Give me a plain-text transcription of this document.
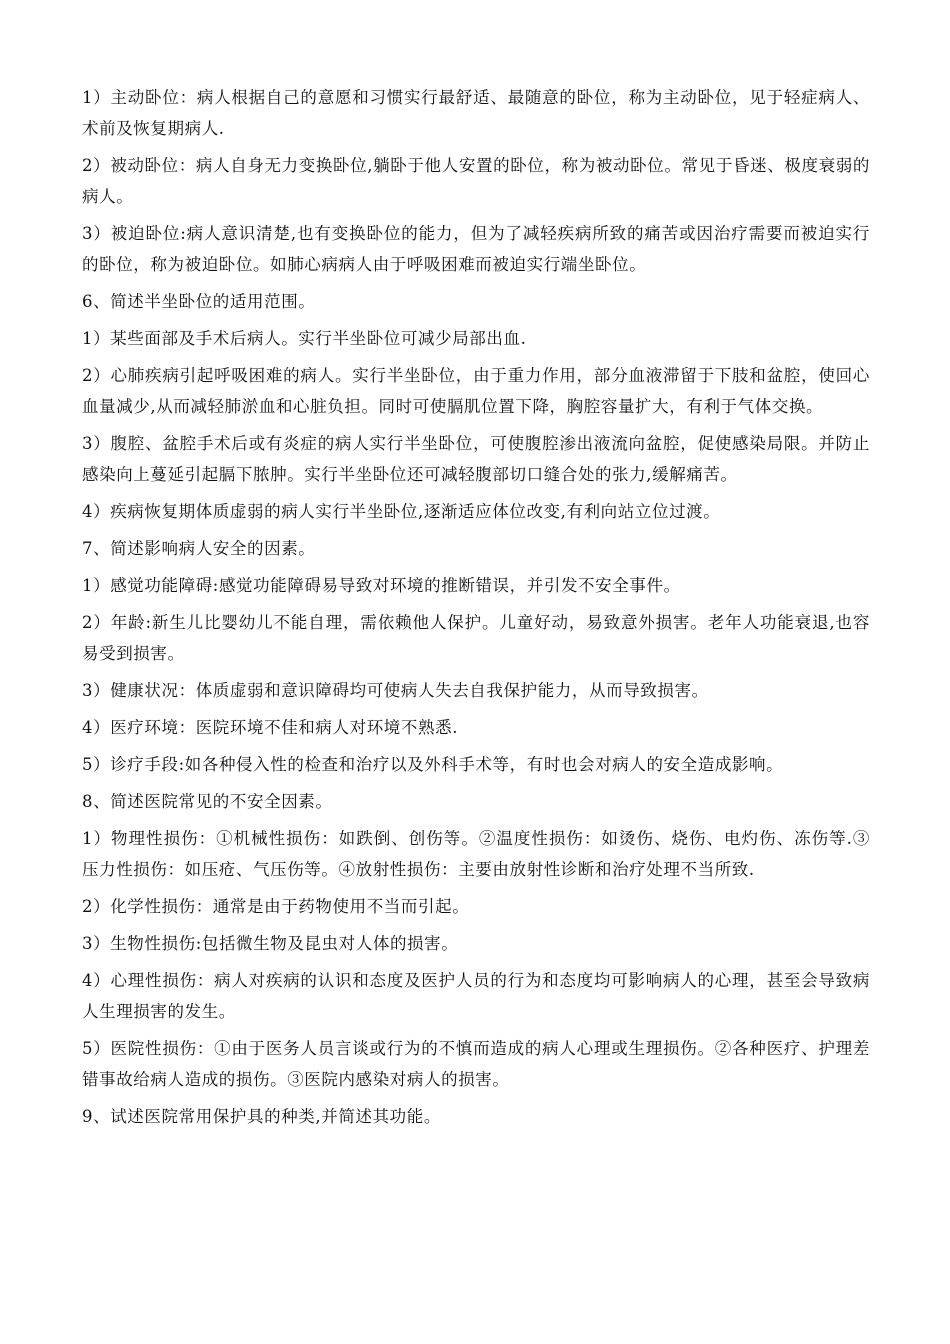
1）主动卧位：病人根据自己的意愿和习惯实行最舒适、最随意的卧位，称为主动卧位，见于轻症病人、术前及恢复期病人.

2）被动卧位：病人自身无力变换卧位,躺卧于他人安置的卧位，称为被动卧位。常见于昏迷、极度衰弱的病人。

3）被迫卧位:病人意识清楚,也有变换卧位的能力，但为了减轻疾病所致的痛苦或因治疗需要而被迫实行的卧位，称为被迫卧位。如肺心病病人由于呼吸困难而被迫实行端坐卧位。

6、简述半坐卧位的适用范围。

1）某些面部及手术后病人。实行半坐卧位可减少局部出血.

2）心肺疾病引起呼吸困难的病人。实行半坐卧位，由于重力作用，部分血液滞留于下肢和盆腔，使回心血量减少,从而减轻肺淤血和心脏负担。同时可使膈肌位置下降，胸腔容量扩大，有利于气体交换。

3）腹腔、盆腔手术后或有炎症的病人实行半坐卧位，可使腹腔渗出液流向盆腔，促使感染局限。并防止感染向上蔓延引起膈下脓肿。实行半坐卧位还可减轻腹部切口缝合处的张力,缓解痛苦。

4）疾病恢复期体质虚弱的病人实行半坐卧位,逐渐适应体位改变,有利向站立位过渡。

7、简述影响病人安全的因素。

1）感觉功能障碍:感觉功能障碍易导致对环境的推断错误，并引发不安全事件。

2）年龄:新生儿比婴幼儿不能自理，需依赖他人保护。儿童好动，易致意外损害。老年人功能衰退,也容易受到损害。

3）健康状况：体质虚弱和意识障碍均可使病人失去自我保护能力，从而导致损害。

4）医疗环境：医院环境不佳和病人对环境不熟悉.

5）诊疗手段:如各种侵入性的检查和治疗以及外科手术等，有时也会对病人的安全造成影响。

8、简述医院常见的不安全因素。

1）物理性损伤：①机械性损伤：如跌倒、创伤等。②温度性损伤：如烫伤、烧伤、电灼伤、冻伤等.③ 压力性损伤：如压疮、气压伤等。④放射性损伤：主要由放射性诊断和治疗处理不当所致.

2）化学性损伤：通常是由于药物使用不当而引起。

3）生物性损伤:包括微生物及昆虫对人体的损害。

4）心理性损伤：病人对疾病的认识和态度及医护人员的行为和态度均可影响病人的心理，甚至会导致病人生理损害的发生。

5）医院性损伤：①由于医务人员言谈或行为的不慎而造成的病人心理或生理损伤。②各种医疗、护理差错事故给病人造成的损伤。③医院内感染对病人的损害。

9、试述医院常用保护具的种类,并简述其功能。
